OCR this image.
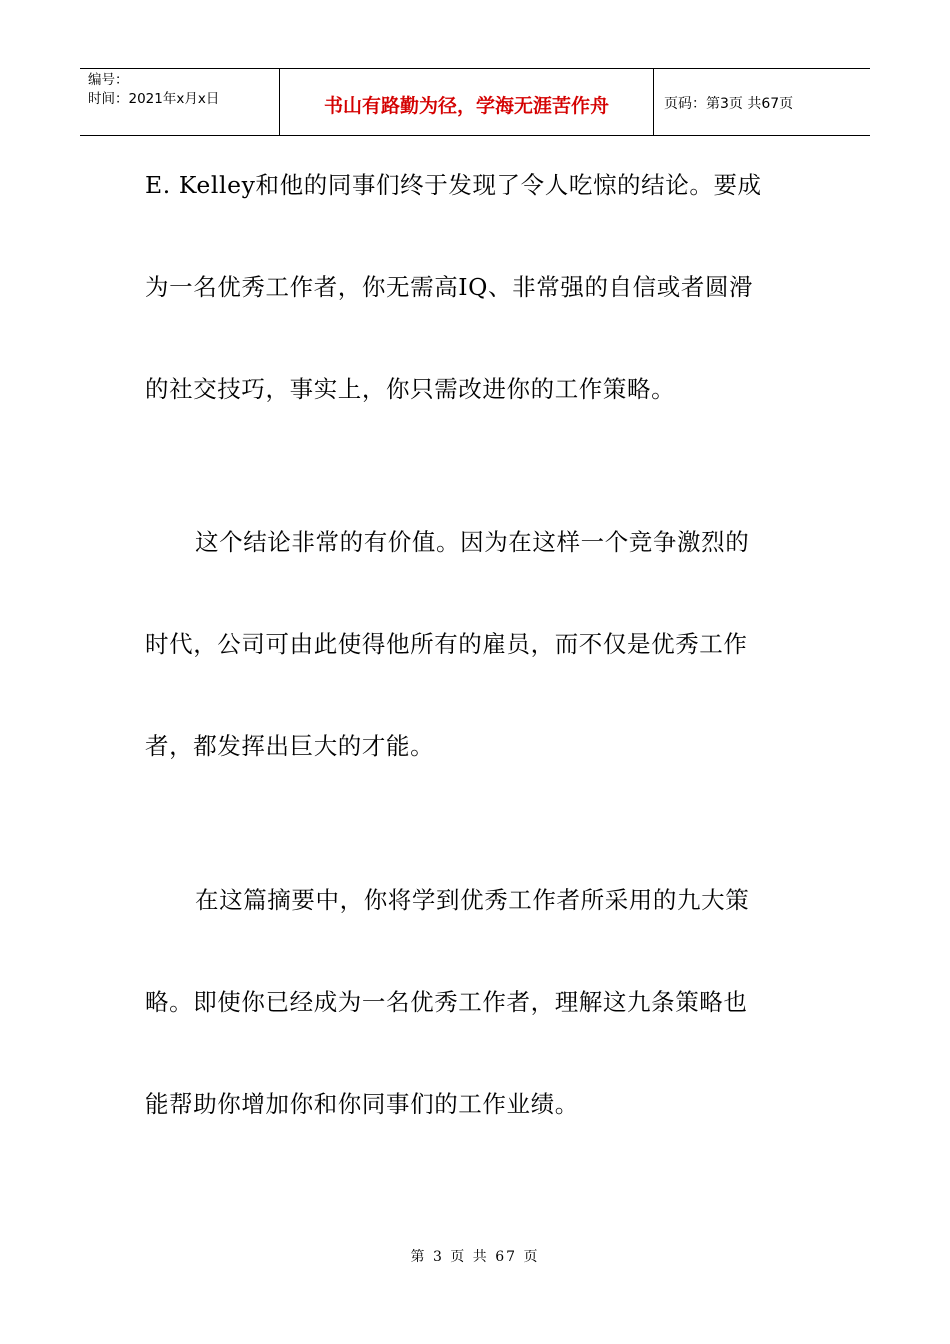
编号：
时间：2021年x月x日	书山有路勤为径，学海无涯苦作舟	页码：第3页 共67页
E. Kelley和他的同事们终于发现了令人吃惊的结论。要成
为一名优秀工作者，你无需高IQ、非常强的自信或者圆滑
的社交技巧，事实上，你只需改进你的工作策略。
这个结论非常的有价值。因为在这样一个竞争激烈的
时代，公司可由此使得他所有的雇员，而不仅是优秀工作
者，都发挥出巨大的才能。
在这篇摘要中，你将学到优秀工作者所采用的九大策
略。即使你已经成为一名优秀工作者，理解这九条策略也
能帮助你增加你和你同事们的工作业绩。
第 3 页 共 67 页
